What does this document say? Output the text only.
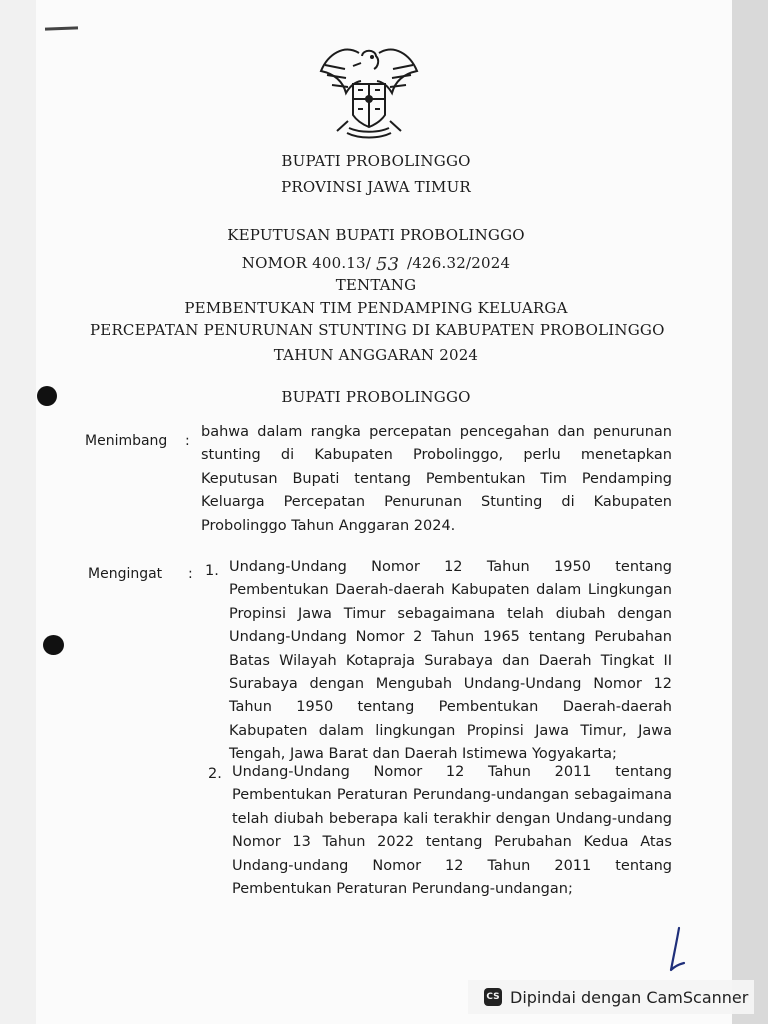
BUPATI PROBOLINGGO
PROVINSI JAWA TIMUR
KEPUTUSAN BUPATI PROBOLINGGO
NOMOR 400.13/ 53 /426.32/2024
TENTANG
PEMBENTUKAN TIM PENDAMPING KELUARGA
PERCEPATAN PENURUNAN STUNTING DI KABUPATEN PROBOLINGGO
TAHUN ANGGARAN 2024
BUPATI PROBOLINGGO
Menimbang :
bahwa dalam rangka percepatan pencegahan dan penurunan stunting di Kabupaten Probolinggo, perlu menetapkan Keputusan Bupati tentang Pembentukan Tim Pendamping Keluarga Percepatan Penurunan Stunting di Kabupaten Probolinggo Tahun Anggaran 2024.
Mengingat : 1. Undang-Undang Nomor 12 Tahun 1950 tentang Pembentukan Daerah-daerah Kabupaten dalam Lingkungan Propinsi Jawa Timur sebagaimana telah diubah dengan Undang-Undang Nomor 2 Tahun 1965 tentang Perubahan Batas Wilayah Kotapraja Surabaya dan Daerah Tingkat II Surabaya dengan Mengubah Undang-Undang Nomor 12 Tahun 1950 tentang Pembentukan Daerah-daerah Kabupaten dalam lingkungan Propinsi Jawa Timur, Jawa Tengah, Jawa Barat dan Daerah Istimewa Yogyakarta;
2. Undang-Undang Nomor 12 Tahun 2011 tentang Pembentukan Peraturan Perundang-undangan sebagaimana telah diubah beberapa kali terakhir dengan Undang-undang Nomor 13 Tahun 2022 tentang Perubahan Kedua Atas Undang-undang Nomor 12 Tahun 2011 tentang Pembentukan Peraturan Perundang-undangan;
CS Dipindai dengan CamScanner
